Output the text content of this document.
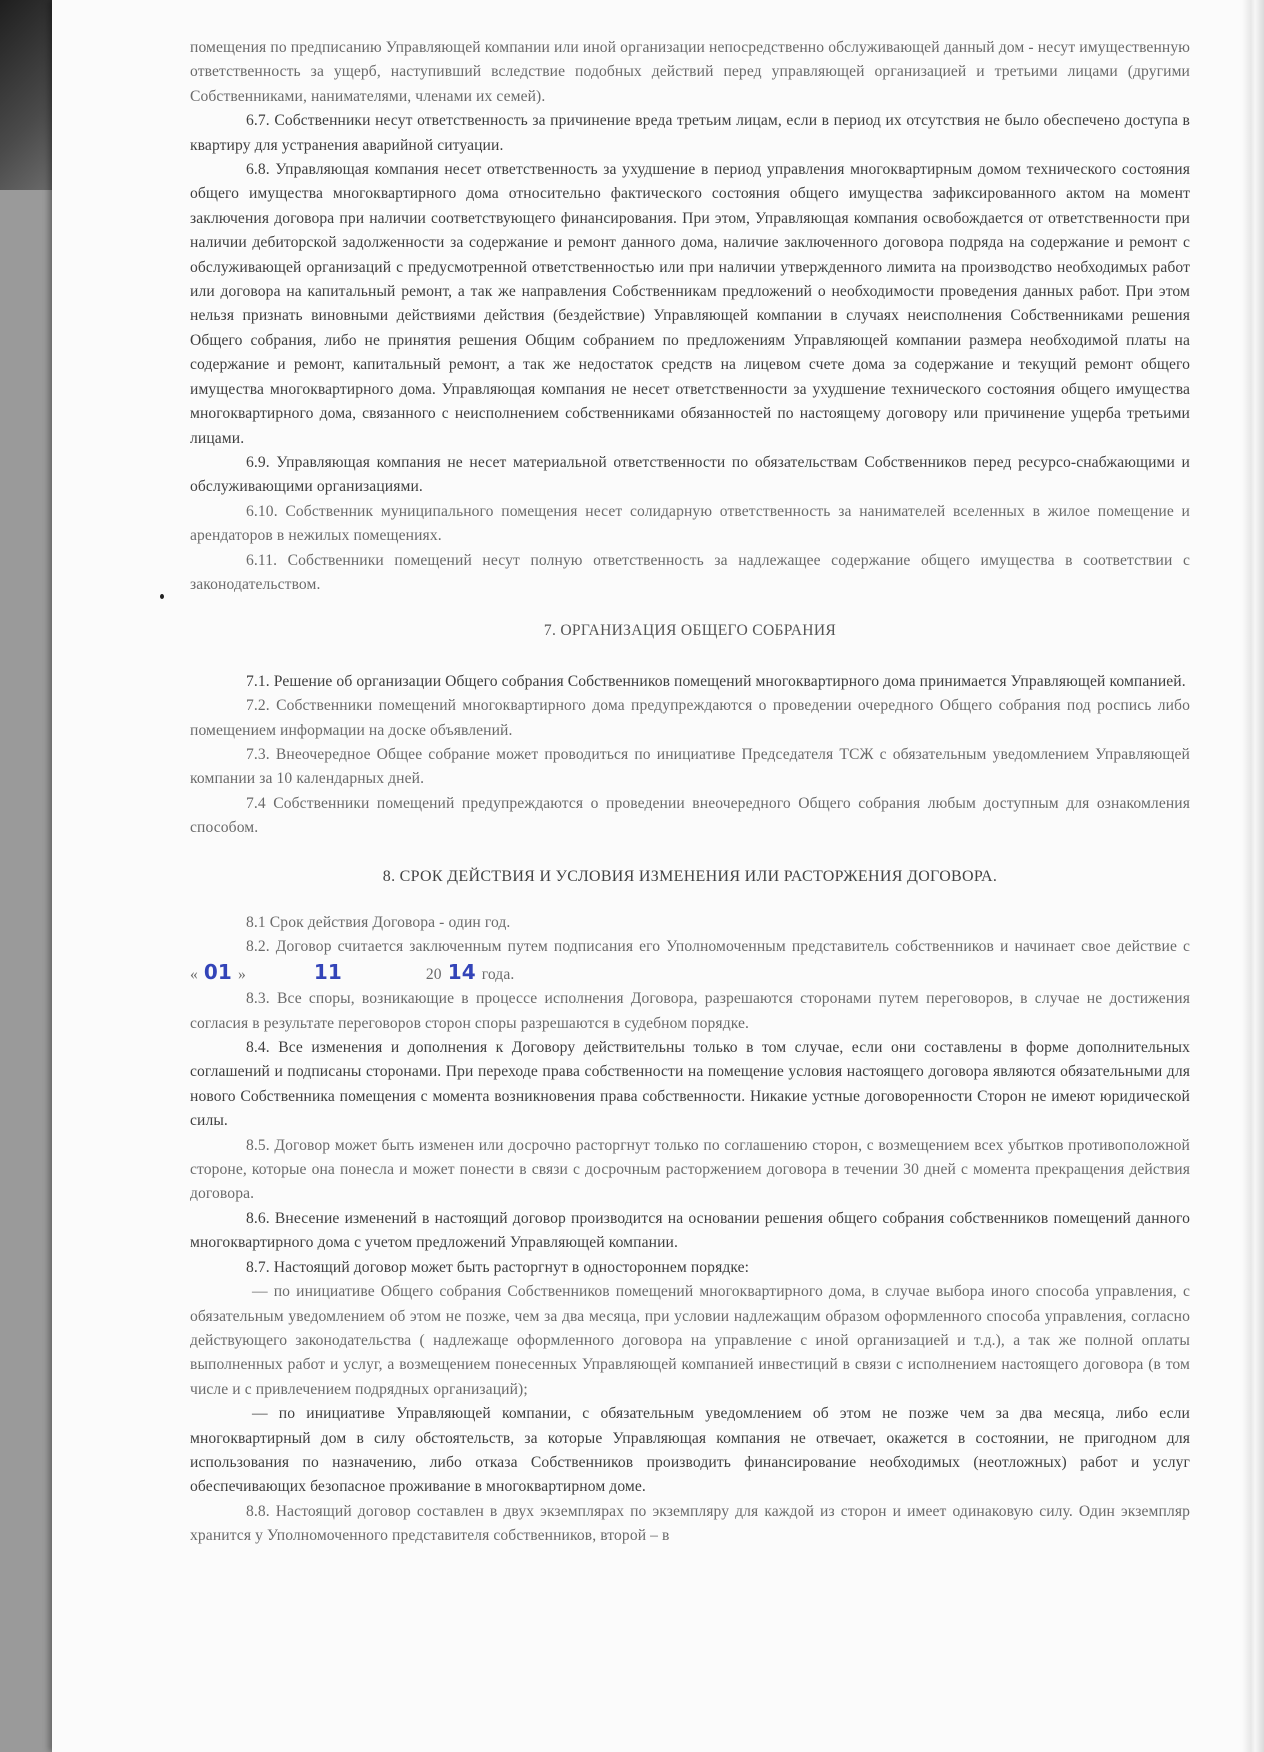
помещения по предписанию Управляющей компании или иной организации непосредственно обслуживающей данный дом - несут имущественную ответственность за ущерб, наступивший вследствие подобных действий перед управляющей организацией и третьими лицами (другими Собственниками, нанимателями, членами их семей).

6.7. Собственники несут ответственность за причинение вреда третьим лицам, если в период их отсутствия не было обеспечено доступа в квартиру для устранения аварийной ситуации.

6.8. Управляющая компания несет ответственность за ухудшение в период управления многоквартирным домом технического состояния общего имущества многоквартирного дома относительно фактического состояния общего имущества зафиксированного актом на момент заключения договора при наличии соответствующего финансирования. При этом, Управляющая компания освобождается от ответственности при наличии дебиторской задолженности за содержание и ремонт данного дома, наличие заключенного договора подряда на содержание и ремонт с обслуживающей организаций с предусмотренной ответственностью или при наличии утвержденного лимита на производство необходимых работ или договора на капитальный ремонт, а так же направления Собственникам предложений о необходимости проведения данных работ. При этом нельзя признать виновными действиями действия (бездействие) Управляющей компании в случаях неисполнения Собственниками решения Общего собрания, либо не принятия решения Общим собранием по предложениям Управляющей компании размера необходимой платы на содержание и ремонт, капитальный ремонт, а так же недостаток средств на лицевом счете дома за содержание и текущий ремонт общего имущества многоквартирного дома. Управляющая компания не несет ответственности за ухудшение технического состояния общего имущества многоквартирного дома, связанного с неисполнением собственниками обязанностей по настоящему договору или причинение ущерба третьими лицами.

6.9. Управляющая компания не несет материальной ответственности по обязательствам Собственников перед ресурсо-снабжающими и обслуживающими организациями.

6.10. Собственник муниципального помещения несет солидарную ответственность за нанимателей вселенных в жилое помещение и арендаторов в нежилых помещениях.

6.11. Собственники помещений несут полную ответственность за надлежащее содержание общего имущества в соответствии с законодательством.

7. ОРГАНИЗАЦИЯ ОБЩЕГО СОБРАНИЯ

7.1. Решение об организации Общего собрания Собственников помещений многоквартирного дома принимается Управляющей компанией.

7.2. Собственники помещений многоквартирного дома предупреждаются о проведении очередного Общего собрания под роспись либо помещением информации на доске объявлений.

7.3. Внеочередное Общее собрание может проводиться по инициативе Председателя ТСЖ с обязательным уведомлением Управляющей компании за 10 календарных дней.

7.4 Собственники помещений предупреждаются о проведении внеочередного Общего собрания любым доступным для ознакомления способом.

8. СРОК ДЕЙСТВИЯ И УСЛОВИЯ ИЗМЕНЕНИЯ ИЛИ РАСТОРЖЕНИЯ ДОГОВОРА.

8.1 Срок действия Договора - один год.

8.2. Договор считается заключенным путем подписания его Уполномоченным представитель собственников и начинает свое действие с « 01 »	11	20 14 года.

8.3. Все споры, возникающие в процессе исполнения Договора, разрешаются сторонами путем переговоров, в случае не достижения согласия в результате переговоров сторон споры разрешаются в судебном порядке.

8.4. Все изменения и дополнения к Договору действительны только в том случае, если они составлены в форме дополнительных соглашений и подписаны сторонами. При переходе права собственности на помещение условия настоящего договора являются обязательными для нового Собственника помещения с момента возникновения права собственности. Никакие устные договоренности Сторон не имеют юридической силы.

8.5. Договор может быть изменен или досрочно расторгнут только по соглашению сторон, с возмещением всех убытков противоположной стороне, которые она понесла и может понести в связи с досрочным расторжением договора в течении 30 дней с момента прекращения действия договора.

8.6. Внесение изменений в настоящий договор производится на основании решения общего собрания собственников помещений данного многоквартирного дома с учетом предложений Управляющей компании.

8.7. Настоящий договор может быть расторгнут в одностороннем порядке:

— по инициативе Общего собрания Собственников помещений многоквартирного дома, в случае выбора иного способа управления, с обязательным уведомлением об этом не позже, чем за два месяца, при условии надлежащим образом оформленного способа управления, согласно действующего законодательства ( надлежаще оформленного договора на управление с иной организацией и т.д.), а так же полной оплаты выполненных работ и услуг, а возмещением понесенных Управляющей компанией инвестиций в связи с исполнением настоящего договора (в том числе и с привлечением подрядных организаций);

— по инициативе Управляющей компании, с обязательным уведомлением об этом не позже чем за два месяца, либо если многоквартирный дом в силу обстоятельств, за которые Управляющая компания не отвечает, окажется в состоянии, не пригодном для использования по назначению, либо отказа Собственников производить финансирование необходимых (неотложных) работ и услуг обеспечивающих безопасное проживание в многоквартирном доме.

8.8. Настоящий договор составлен в двух экземплярах по экземпляру для каждой из сторон и имеет одинаковую силу. Один экземпляр хранится у Уполномоченного представителя собственников, второй – в
